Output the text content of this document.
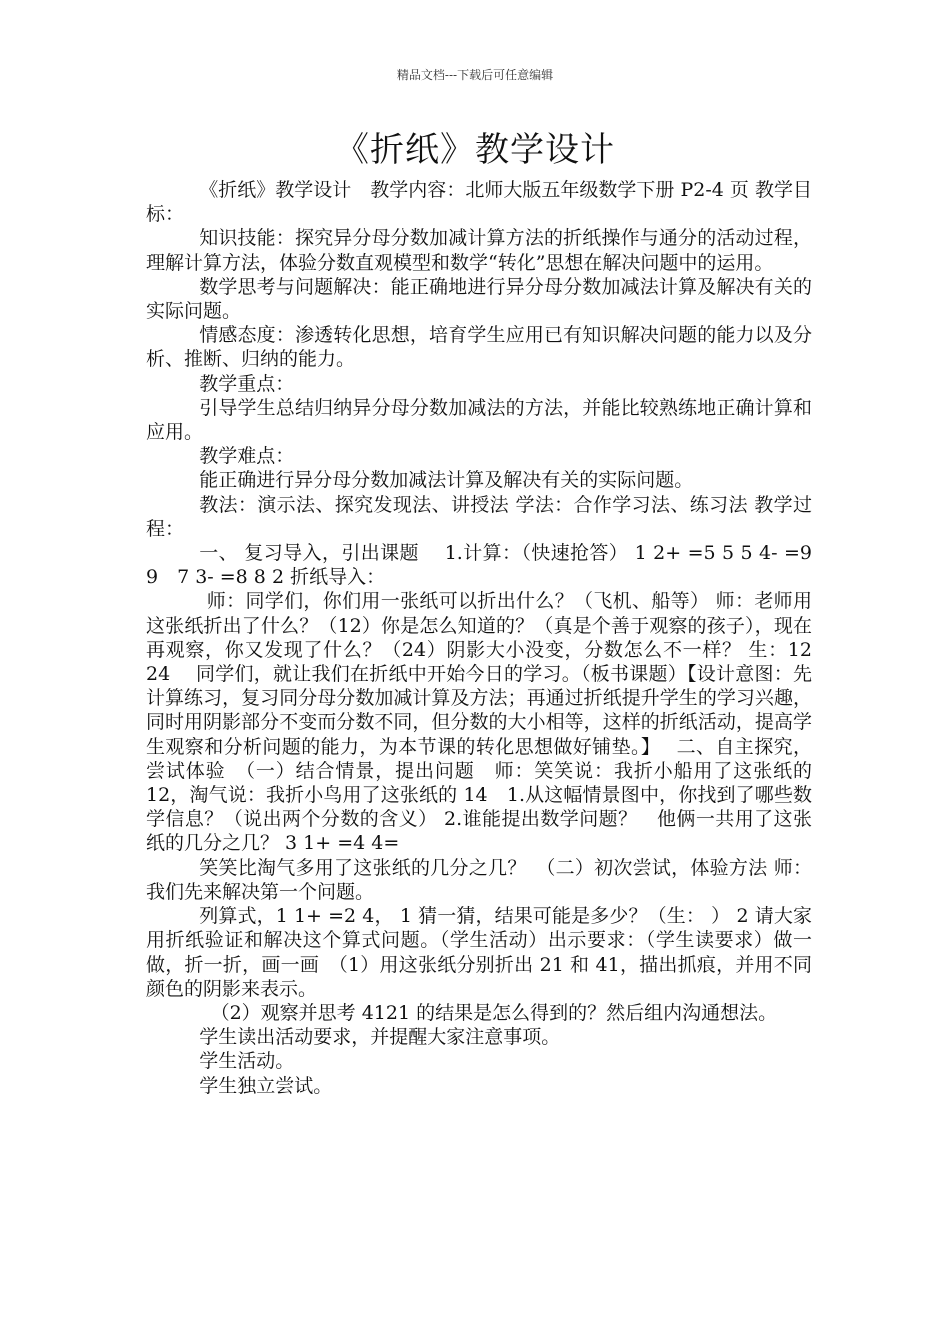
精品文档---下载后可任意编辑
《折纸》教学设计

《折纸》教学设计　教学内容：北师大版五年级数学下册 P2-4 页 教学目标：

知识技能：探究异分母分数加减计算方法的折纸操作与通分的活动过程，理解计算方法，体验分数直观模型和数学“转化”思想在解决问题中的运用。

数学思考与问题解决：能正确地进行异分母分数加减法计算及解决有关的实际问题。

情感态度：渗透转化思想，培育学生应用已有知识解决问题的能力以及分析、推断、归纳的能力。

教学重点：

引导学生总结归纳异分母分数加减法的方法，并能比较熟练地正确计算和应用。

教学难点：

能正确进行异分母分数加减法计算及解决有关的实际问题。

教法：演示法、探究发现法、讲授法 学法：合作学习法、练习法 教学过程：

一、 复习导入，引出课题　 1.计算：（快速抢答） 1 2+ =5 5 5 4- =9 9　7 3- =8 8 2 折纸导入：

师：同学们，你们用一张纸可以折出什么？（飞机、船等） 师：老师用这张纸折出了什么？（12）你是怎么知道的？（真是个善于观察的孩子），现在再观察，你又发现了什么？（24）阴影大小没变，分数怎么不一样？ 生：12　　24　 同学们，就让我们在折纸中开始今日的学习。（板书课题）【设计意图：先计算练习，复习同分母分数加减计算及方法；再通过折纸提升学生的学习兴趣，同时用阴影部分不变而分数不同，但分数的大小相等，这样的折纸活动，提高学生观察和分析问题的能力，为本节课的转化思想做好铺垫。】　 二、自主探究，尝试体验　（一）结合情景，提出问题　师：笑笑说：我折小船用了这张纸的 12，淘气说：我折小鸟用了这张纸的 14　1.从这幅情景图中，你找到了哪些数学信息？（说出两个分数的含义） 2.谁能提出数学问题？　他俩一共用了这张纸的几分之几？ 3 1+ =4 4=

笑笑比淘气多用了这张纸的几分之几？　（二）初次尝试，体验方法 师：我们先来解决第一个问题。

列算式，1 1+ =2 4， 1 猜一猜，结果可能是多少？（生： ） 2 请大家用折纸验证和解决这个算式问题。（学生活动）出示要求：（学生读要求）做一做，折一折，画一画　（1）用这张纸分别折出 21 和 41，描出抓痕，并用不同颜色的阴影来表示。

（2）观察并思考 4121 的结果是怎么得到的？然后组内沟通想法。

学生读出活动要求，并提醒大家注意事项。

学生活动。

学生独立尝试。
